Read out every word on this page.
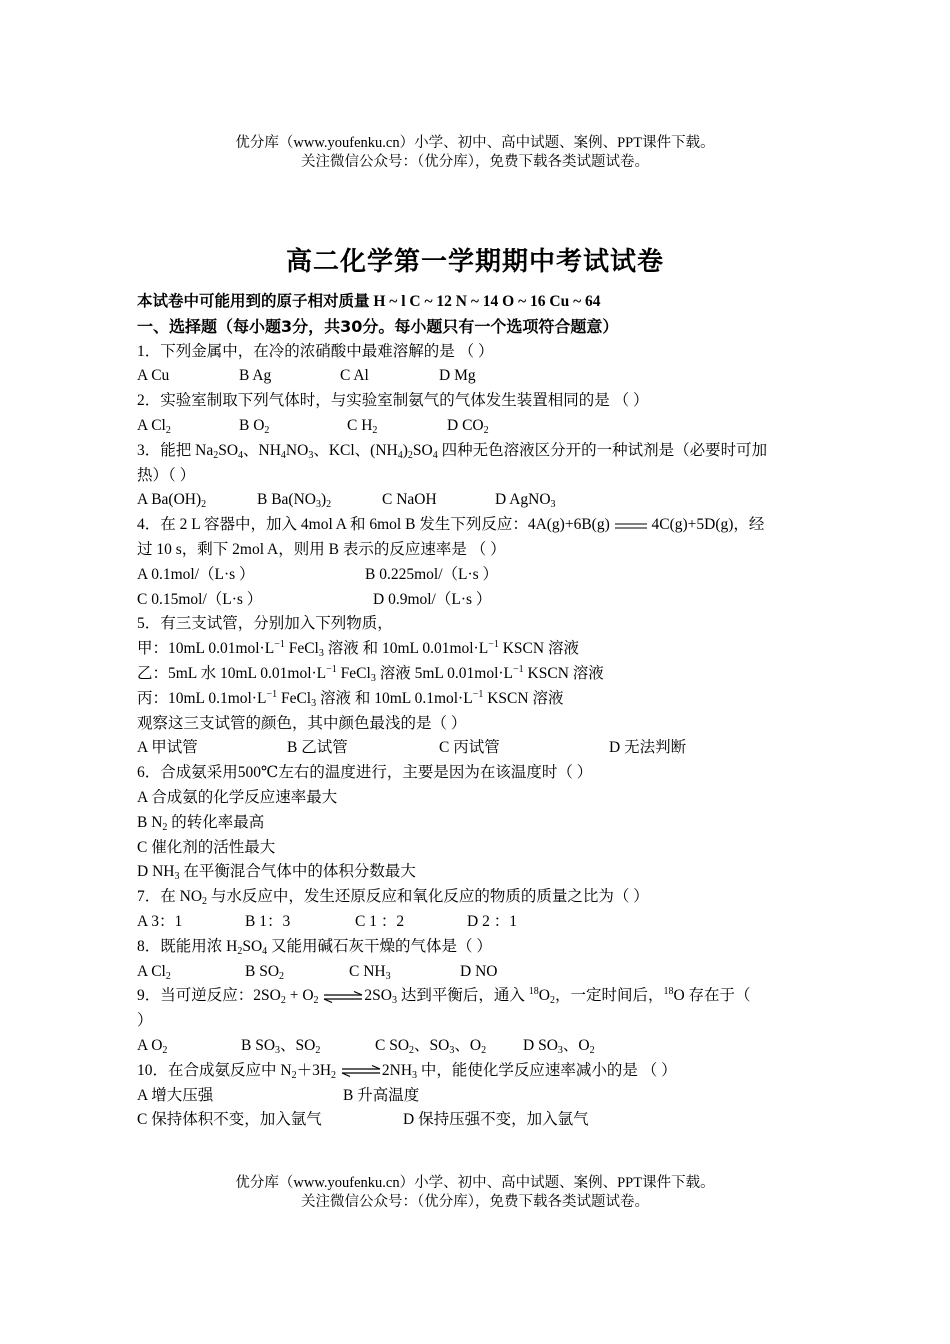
优分库（www.youfenku.cn）小学、初中、高中试题、案例、PPT课件下载。
关注微信公众号：（优分库），免费下载各类试题试卷。
高二化学第一学期期中考试试卷
本试卷中可能用到的原子相对质量 H ~ l C ~ 12 N ~ 14 O ~ 16 Cu ~ 64
一、选择题（每小题3分，共30分。每小题只有一个选项符合题意）
1．下列金属中，在冷的浓硝酸中最难溶解的是 （ ）
A Cu	B Ag	C Al	D Mg
2．实验室制取下列气体时，与实验室制氨气的气体发生装置相同的是 （ ）
A $Cl_2$	B $O_2$	C $H_2$	D $CO_2$
3．能把 $Na_2SO_4$、$NH_4NO_3$、KCl、$(NH_4)_2SO_4$ 四种无色溶液区分开的一种试剂是（必要时可加
热）（ ）
A $Ba(OH)_2$	B $Ba(NO_3)_2$	C NaOH	D AgNO$_3$
4．在 2 L 容器中，加入 4mol A 和 6mol B 发生下列反应：4A(g)+6B(g)  4C(g)+5D(g)，经
过 10 s，剩下 2mol A，则用 B 表示的反应速率是 （ ）
A 0.1mol/（L·s ）	B 0.225mol/（L·s ）
C 0.15mol/（L·s ）	D 0.9mol/（L·s ）
5．有三支试管，分别加入下列物质，
甲：10mL $0.01mol\cdot L^{-1}$ FeCl$_3$ 溶液 和 10mL $0.01mol\cdot L^{-1}$ KSCN 溶液
乙：5mL 水 10mL $0.01mol\cdot L^{-1}$ FeCl$_3$ 溶液 5mL $0.01mol\cdot L^{-1}$ KSCN 溶液
丙：10mL $0.1mol\cdot L^{-1}$ FeCl$_3$ 溶液 和 10mL $0.1mol\cdot L^{-1}$ KSCN 溶液
观察这三支试管的颜色，其中颜色最浅的是（ ）
A 甲试管	B 乙试管	C 丙试管	D 无法判断
6．合成氨采用500℃左右的温度进行，主要是因为在该温度时（ ）
A 合成氨的化学反应速率最大
B $N_2$ 的转化率最高
C 催化剂的活性最大
D $NH_3$ 在平衡混合气体中的体积分数最大
7．在 $NO_2$ 与水反应中，发生还原反应和氧化反应的物质的质量之比为（ ）
A 3：1	B 1：3	C 1 ：2	D 2 ：1
8．既能用浓 $H_2SO_4$ 又能用碱石灰干燥的气体是（ ）
A $Cl_2$	B $SO_2$	C $NH_3$	D NO
9．当可逆反应：$2SO_2 + O_2$ $\rightleftharpoons 2SO_3$ 达到平衡后，通入 $^{18}O_2$，一定时间后，$^{18}$O 存在于（
）
A $O_2$	B $SO_3$、$SO_2$	C $SO_2$、$SO_3$、$O_2$ D $SO_3$、$O_2$
10．在合成氨反应中 $N_2+3H_2$ $\rightleftharpoons 2NH_3$ 中，能使化学反应速率减小的是 （ ）
A 增大压强	B 升高温度
C 保持体积不变，加入氩气	D 保持压强不变，加入氩气
优分库（www.youfenku.cn）小学、初中、高中试题、案例、PPT课件下载。
关注微信公众号：（优分库），免费下载各类试题试卷。
